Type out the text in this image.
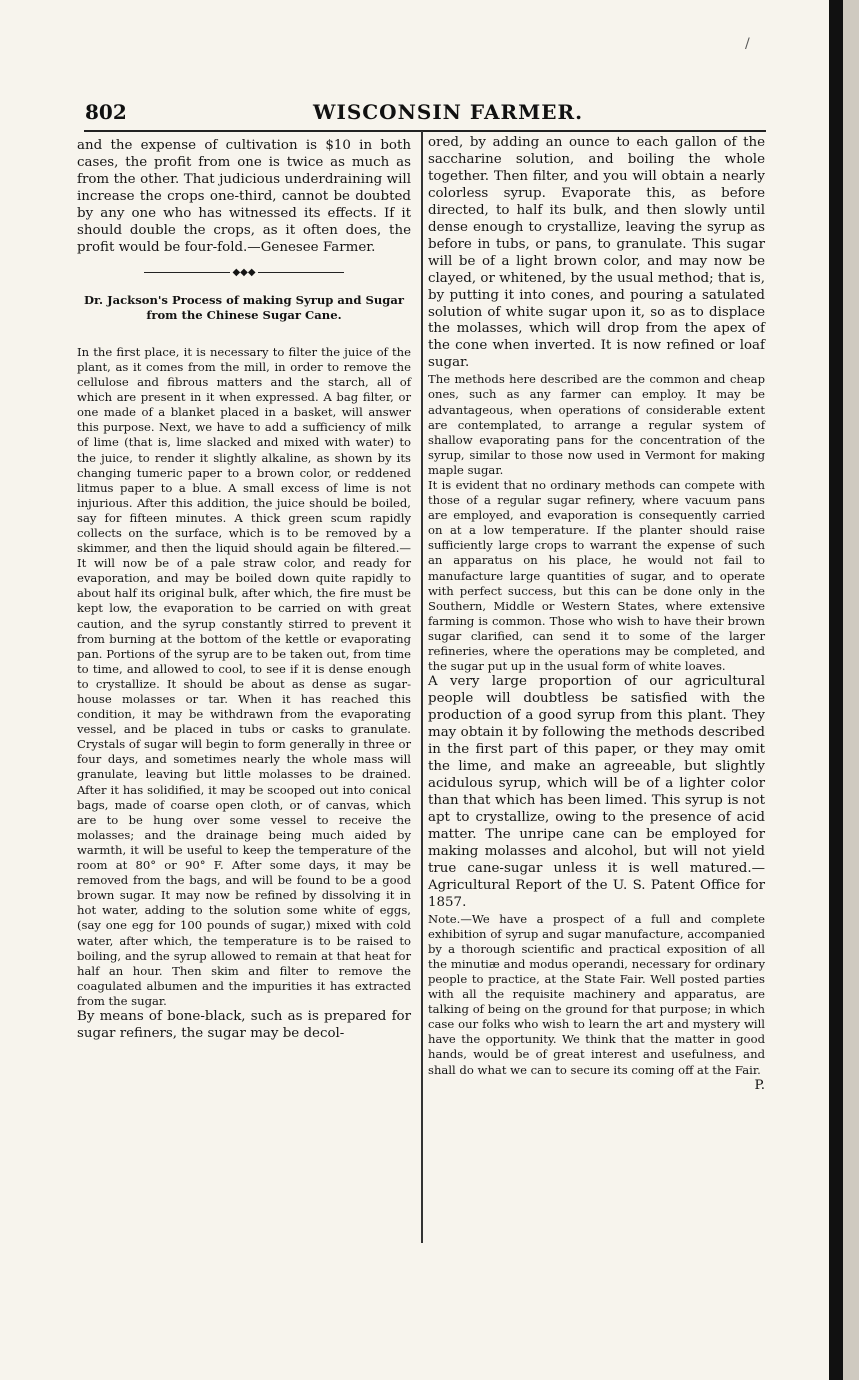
/
802	WISCONSIN FARMER.

and the expense of cultivation is $10 in both cases, the profit from one is twice as much as from the other. That judicious underdraining will increase the crops one-third, cannot be doubted by any one who has witnessed its effects. If it should double the crops, as it often does, the profit would be four-fold.—Genesee Farmer.

◆◆◆

Dr. Jackson's Process of making Syrup and Sugar from the Chinese Sugar Cane.

In the first place, it is necessary to filter the juice of the plant, as it comes from the mill, in order to remove the cellulose and fibrous matters and the starch, all of which are present in it when expressed. A bag filter, or one made of a blanket placed in a basket, will answer this purpose. Next, we have to add a sufficiency of milk of lime (that is, lime slacked and mixed with water) to the juice, to render it slightly alkaline, as shown by its changing tumeric paper to a brown color, or reddened litmus paper to a blue. A small excess of lime is not injurious. After this addition, the juice should be boiled, say for fifteen minutes. A thick green scum rapidly collects on the surface, which is to be removed by a skimmer, and then the liquid should again be filtered.—It will now be of a pale straw color, and ready for evaporation, and may be boiled down quite rapidly to about half its original bulk, after which, the fire must be kept low, the evaporation to be carried on with great caution, and the syrup constantly stirred to prevent it from burning at the bottom of the kettle or evaporating pan. Portions of the syrup are to be taken out, from time to time, and allowed to cool, to see if it is dense enough to crystallize. It should be about as dense as sugar-house molasses or tar. When it has reached this condition, it may be withdrawn from the evaporating vessel, and be placed in tubs or casks to granulate. Crystals of sugar will begin to form generally in three or four days, and sometimes nearly the whole mass will granulate, leaving but little molasses to be drained. After it has solidified, it may be scooped out into conical bags, made of coarse open cloth, or of canvas, which are to be hung over some vessel to receive the molasses; and the drainage being much aided by warmth, it will be useful to keep the temperature of the room at 80° or 90° F. After some days, it may be removed from the bags, and will be found to be a good brown sugar. It may now be refined by dissolving it in hot water, adding to the solution some white of eggs, (say one egg for 100 pounds of sugar,) mixed with cold water, after which, the temperature is to be raised to boiling, and the syrup allowed to remain at that heat for half an hour. Then skim and filter to remove the coagulated albumen and the impurities it has extracted from the sugar.

By means of bone-black, such as is prepared for sugar refiners, the sugar may be decol-

ored, by adding an ounce to each gallon of the saccharine solution, and boiling the whole together. Then filter, and you will obtain a nearly colorless syrup. Evaporate this, as before directed, to half its bulk, and then slowly until dense enough to crystallize, leaving the syrup as before in tubs, or pans, to granulate. This sugar will be of a light brown color, and may now be clayed, or whitened, by the usual method; that is, by putting it into cones, and pouring a satulated solution of white sugar upon it, so as to displace the molasses, which will drop from the apex of the cone when inverted. It is now refined or loaf sugar.

The methods here described are the common and cheap ones, such as any farmer can employ. It may be advantageous, when operations of considerable extent are contemplated, to arrange a regular system of shallow evaporating pans for the concentration of the syrup, similar to those now used in Vermont for making maple sugar.

It is evident that no ordinary methods can compete with those of a regular sugar refinery, where vacuum pans are employed, and evaporation is consequently carried on at a low temperature. If the planter should raise sufficiently large crops to warrant the expense of such an apparatus on his place, he would not fail to manufacture large quantities of sugar, and to operate with perfect success, but this can be done only in the Southern, Middle or Western States, where extensive farming is common. Those who wish to have their brown sugar clarified, can send it to some of the larger refineries, where the operations may be completed, and the sugar put up in the usual form of white loaves.

A very large proportion of our agricultural people will doubtless be satisfied with the production of a good syrup from this plant. They may obtain it by following the methods described in the first part of this paper, or they may omit the lime, and make an agreeable, but slightly acidulous syrup, which will be of a lighter color than that which has been limed. This syrup is not apt to crystallize, owing to the presence of acid matter. The unripe cane can be employed for making molasses and alcohol, but will not yield true cane-sugar unless it is well matured.—Agricultural Report of the U. S. Patent Office for 1857.

Note.—We have a prospect of a full and complete exhibition of syrup and sugar manufacture, accompanied by a thorough scientific and practical exposition of all the minutiæ and modus operandi, necessary for ordinary people to practice, at the State Fair. Well posted parties with all the requisite machinery and apparatus, are talking of being on the ground for that purpose; in which case our folks who wish to learn the art and mystery will have the opportunity. We think that the matter in good hands, would be of great interest and usefulness, and shall do what we can to secure its coming off at the Fair.

P.
